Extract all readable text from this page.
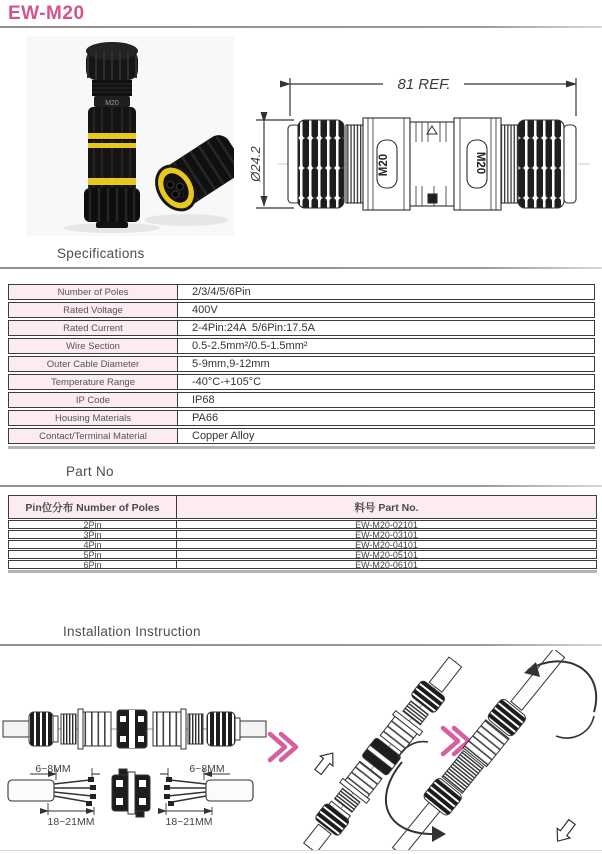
EW-M20
M20
81 REF.
Ø24.2	M20	M20
Specifications
Number of Poles	2/3/4/5/6Pin
Rated Voltage	400V
Rated Current	2-4Pin:24A  5/6Pin:17.5A
Wire Section	0.5-2.5mm²/0.5-1.5mm²
Outer Cable Diameter	5-9mm,9-12mm
Temperature Range	-40°C-+105°C
IP Code	IP68
Housing Materials	PA66
Contact/Terminal Material	Copper Alloy
Part No
Pin位分布 Number of Poles	料号 Part No.
2Pin	EW-M20-02101
3Pin	EW-M20-03101
4Pin	EW-M20-04101
5Pin	EW-M20-05101
6Pin	EW-M20-06101
Installation Instruction
6~8MM
18~21MM
6~8MM
18~21MM
